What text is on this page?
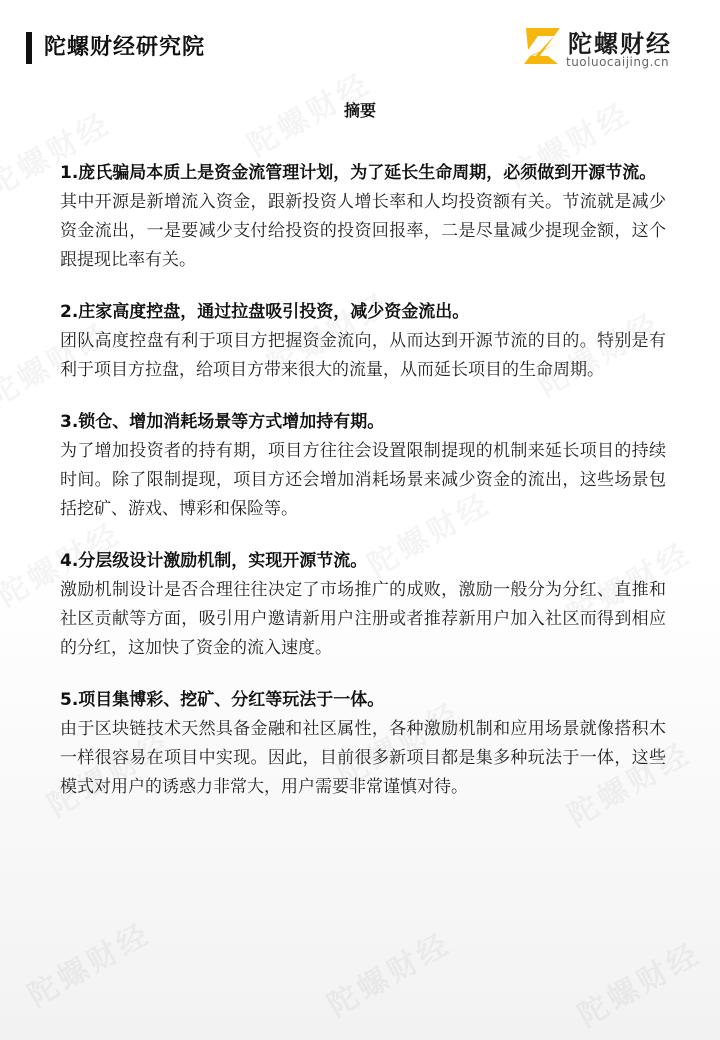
陀螺财经研究院	陀螺财经
tuoluocaijing.cn
摘要

1.庞氏骗局本质上是资金流管理计划，为了延长生命周期，必须做到开源节流。

其中开源是新增流入资金，跟新投资人增长率和人均投资额有关。节流就是减少资金流出，一是要减少支付给投资的投资回报率，二是尽量减少提现金额，这个跟提现比率有关。

2.庄家高度控盘，通过拉盘吸引投资，减少资金流出。

团队高度控盘有利于项目方把握资金流向，从而达到开源节流的目的。特别是有利于项目方拉盘，给项目方带来很大的流量，从而延长项目的生命周期。

3.锁仓、增加消耗场景等方式增加持有期。

为了增加投资者的持有期，项目方往往会设置限制提现的机制来延长项目的持续时间。除了限制提现，项目方还会增加消耗场景来减少资金的流出，这些场景包括挖矿、游戏、博彩和保险等。

4.分层级设计激励机制，实现开源节流。

激励机制设计是否合理往往决定了市场推广的成败，激励一般分为分红、直推和社区贡献等方面，吸引用户邀请新用户注册或者推荐新用户加入社区而得到相应的分红，这加快了资金的流入速度。

5.项目集博彩、挖矿、分红等玩法于一体。

由于区块链技术天然具备金融和社区属性，各种激励机制和应用场景就像搭积木一样很容易在项目中实现。因此，目前很多新项目都是集多种玩法于一体，这些模式对用户的诱惑力非常大，用户需要非常谨慎对待。
